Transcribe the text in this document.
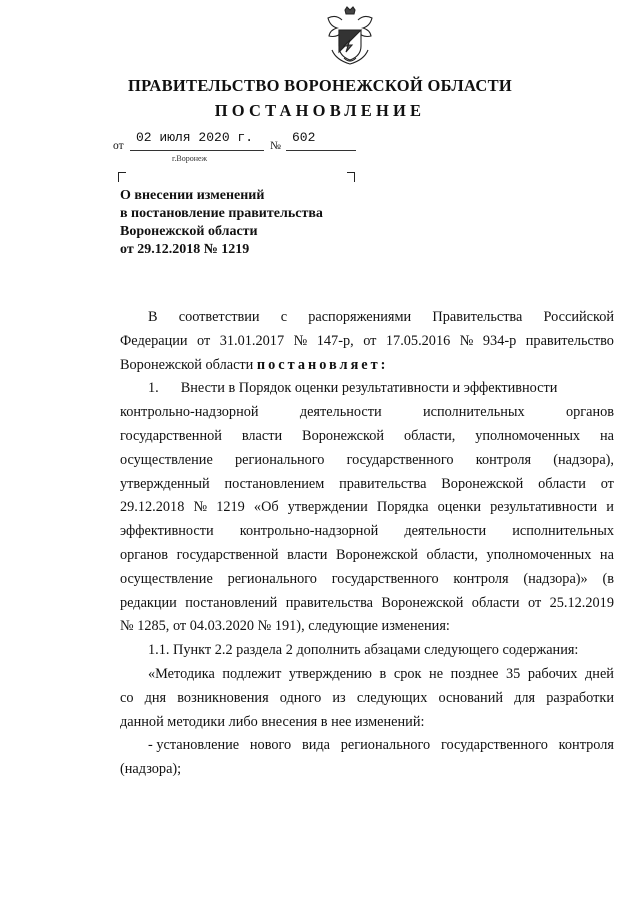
ПРАВИТЕЛЬСТВО ВОРОНЕЖСКОЙ ОБЛАСТИ
ПОСТАНОВЛЕНИЕ
от
02 июля 2020 г.
№
602
г.Воронеж
О внесении изменений
в постановление правительства
Воронежской области
от 29.12.2018 № 1219
В соответствии с распоряжениями Правительства Российской
Федерации от 31.01.2017 № 147-р, от 17.05.2016 № 934-р правительство
Воронежской области постановляет:
1. Внести в Порядок оценки результативности и эффективности
контрольно-надзорной	деятельности	исполнительных	органов
государственной власти Воронежской области, уполномоченных на
осуществление регионального государственного контроля (надзора),
утвержденный постановлением правительства Воронежской области от
29.12.2018 № 1219 «Об утверждении Порядка оценки результативности и
эффективности контрольно-надзорной деятельности исполнительных
органов государственной власти Воронежской области, уполномоченных на
осуществление регионального государственного контроля (надзора)» (в
редакции постановлений правительства Воронежской области от 25.12.2019
№ 1285, от 04.03.2020 № 191), следующие изменения:
1.1. Пункт 2.2 раздела 2 дополнить абзацами следующего содержания:
«Методика подлежит утверждению в срок не позднее 35 рабочих дней
со дня возникновения одного из следующих оснований для разработки
данной методики либо внесения в нее изменений:
- установление нового вида регионального государственного контроля
(надзора);
